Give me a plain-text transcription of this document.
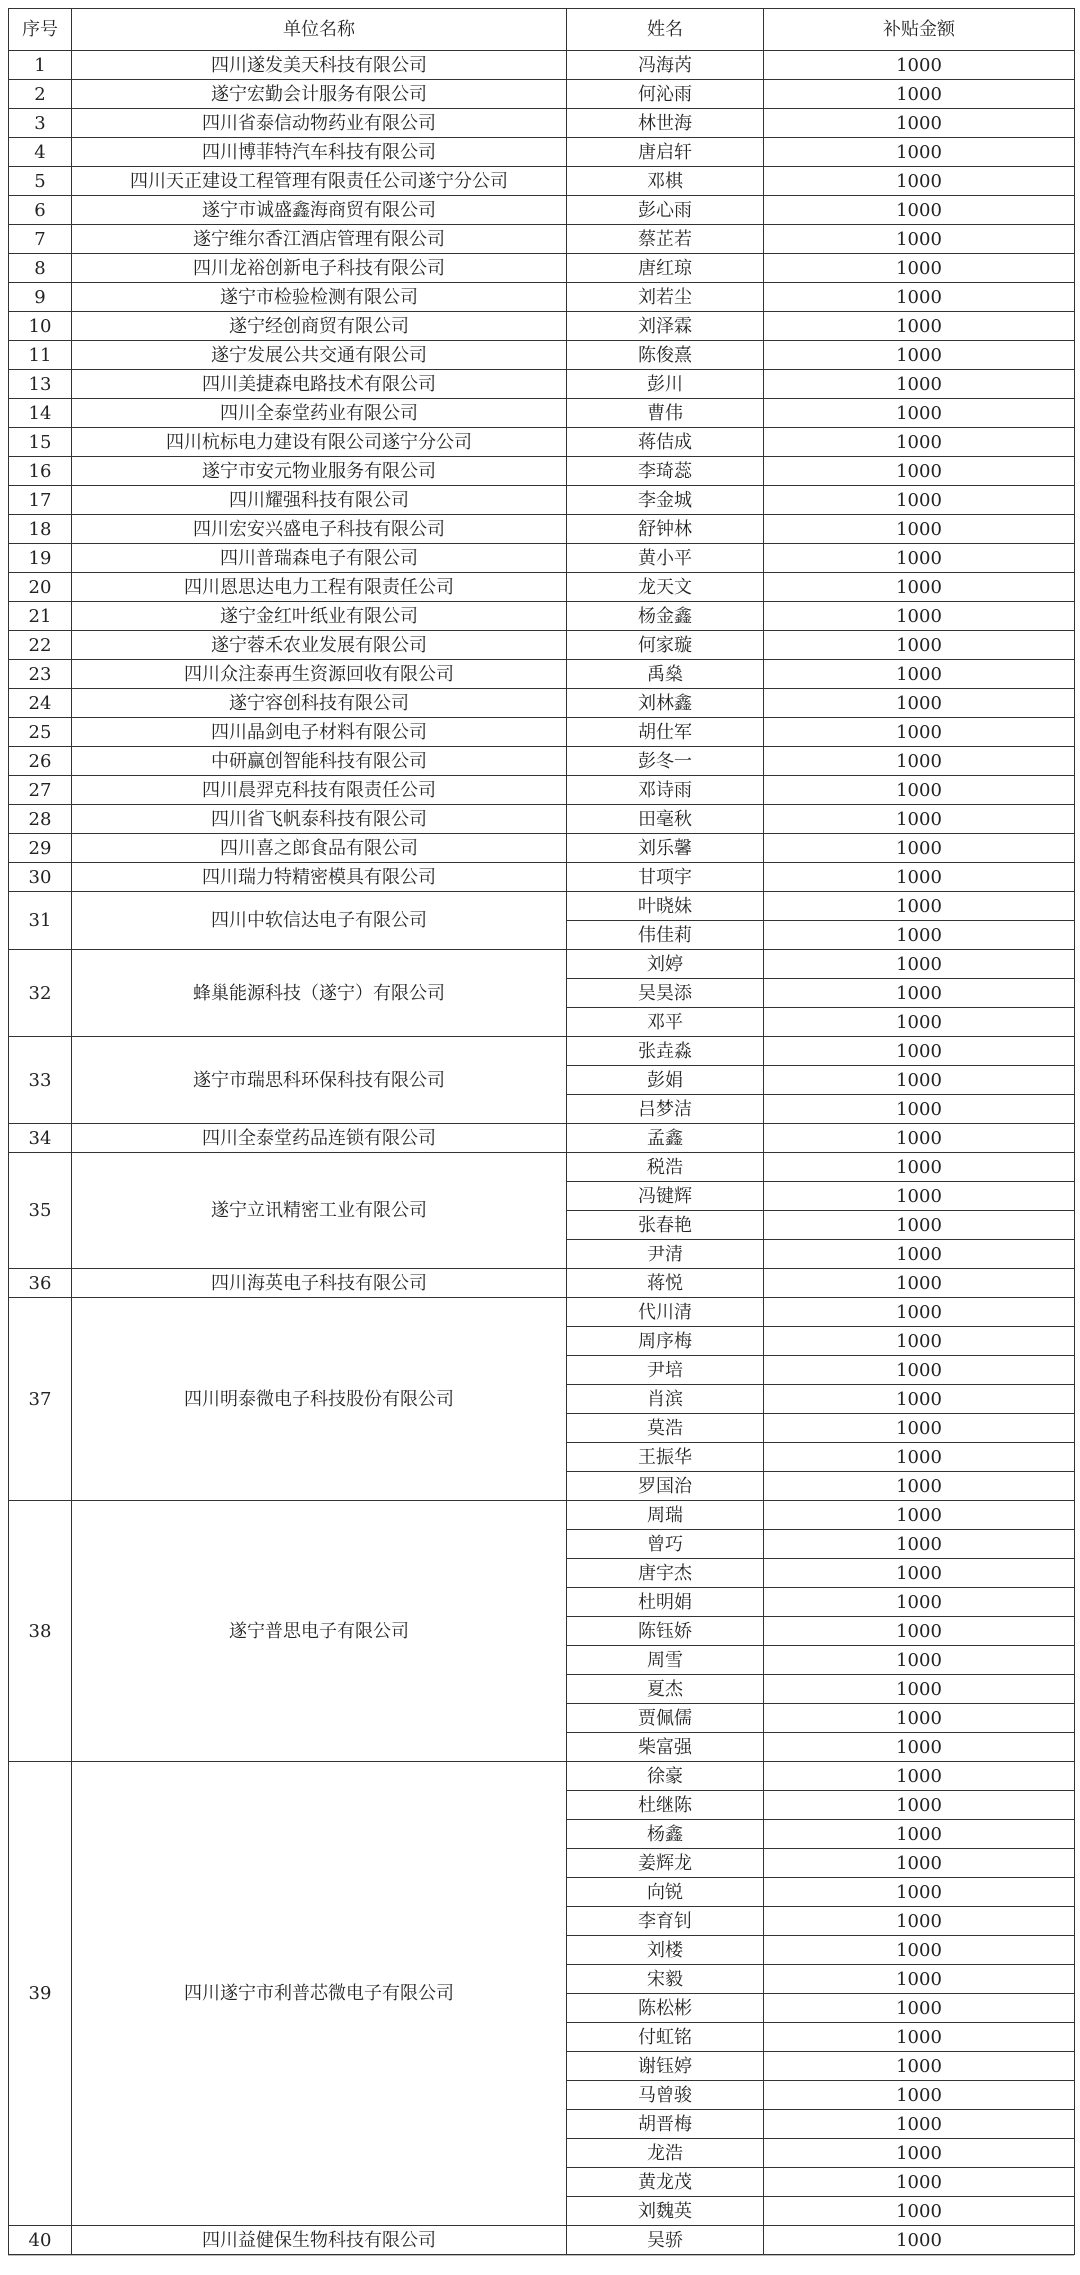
序号	单位名称	姓名	补贴金额
1	四川遂发美天科技有限公司	冯海芮	1000
2	遂宁宏勤会计服务有限公司	何沁雨	1000
3	四川省泰信动物药业有限公司	林世海	1000
4	四川博菲特汽车科技有限公司	唐启轩	1000
5	四川天正建设工程管理有限责任公司遂宁分公司	邓棋	1000
6	遂宁市诚盛鑫海商贸有限公司	彭心雨	1000
7	遂宁维尔香江酒店管理有限公司	蔡芷若	1000
8	四川龙裕创新电子科技有限公司	唐红琼	1000
9	遂宁市检验检测有限公司	刘若尘	1000
10	遂宁经创商贸有限公司	刘泽霖	1000
11	遂宁发展公共交通有限公司	陈俊熹	1000
13	四川美捷森电路技术有限公司	彭川	1000
14	四川全泰堂药业有限公司	曹伟	1000
15	四川杭标电力建设有限公司遂宁分公司	蒋佶成	1000
16	遂宁市安元物业服务有限公司	李琦蕊	1000
17	四川耀强科技有限公司	李金城	1000
18	四川宏安兴盛电子科技有限公司	舒钟林	1000
19	四川普瑞森电子有限公司	黄小平	1000
20	四川恩思达电力工程有限责任公司	龙天文	1000
21	遂宁金红叶纸业有限公司	杨金鑫	1000
22	遂宁蓉禾农业发展有限公司	何家璇	1000
23	四川众注泰再生资源回收有限公司	禹燊	1000
24	遂宁容创科技有限公司	刘林鑫	1000
25	四川晶剑电子材料有限公司	胡仕军	1000
26	中研赢创智能科技有限公司	彭冬一	1000
27	四川晨羿克科技有限责任公司	邓诗雨	1000
28	四川省飞帆泰科技有限公司	田毫秋	1000
29	四川喜之郎食品有限公司	刘乐馨	1000
30	四川瑞力特精密模具有限公司	甘项宇	1000
31	四川中软信达电子有限公司	叶晓妹	1000
		伟佳莉	1000
32	蜂巢能源科技（遂宁）有限公司	刘婷	1000
		吴昊添	1000
		邓平	1000
33	遂宁市瑞思科环保科技有限公司	张垚淼	1000
		彭娟	1000
		吕梦洁	1000
34	四川全泰堂药品连锁有限公司	孟鑫	1000
35	遂宁立讯精密工业有限公司	税浩	1000
		冯键辉	1000
		张春艳	1000
		尹清	1000
36	四川海英电子科技有限公司	蒋悦	1000
37	四川明泰微电子科技股份有限公司	代川清	1000
		周序梅	1000
		尹培	1000
		肖滨	1000
		莫浩	1000
		王振华	1000
		罗国治	1000
38	遂宁普思电子有限公司	周瑞	1000
		曾巧	1000
		唐宇杰	1000
		杜明娟	1000
		陈钰娇	1000
		周雪	1000
		夏杰	1000
		贾佩儒	1000
		柴富强	1000
39	四川遂宁市利普芯微电子有限公司	徐豪	1000
		杜继陈	1000
		杨鑫	1000
		姜辉龙	1000
		向锐	1000
		李育钊	1000
		刘楼	1000
		宋毅	1000
		陈松彬	1000
		付虹铭	1000
		谢钰婷	1000
		马曾骏	1000
		胡晋梅	1000
		龙浩	1000
		黄龙茂	1000
		刘魏英	1000
40	四川益健保生物科技有限公司	吴骄	1000
